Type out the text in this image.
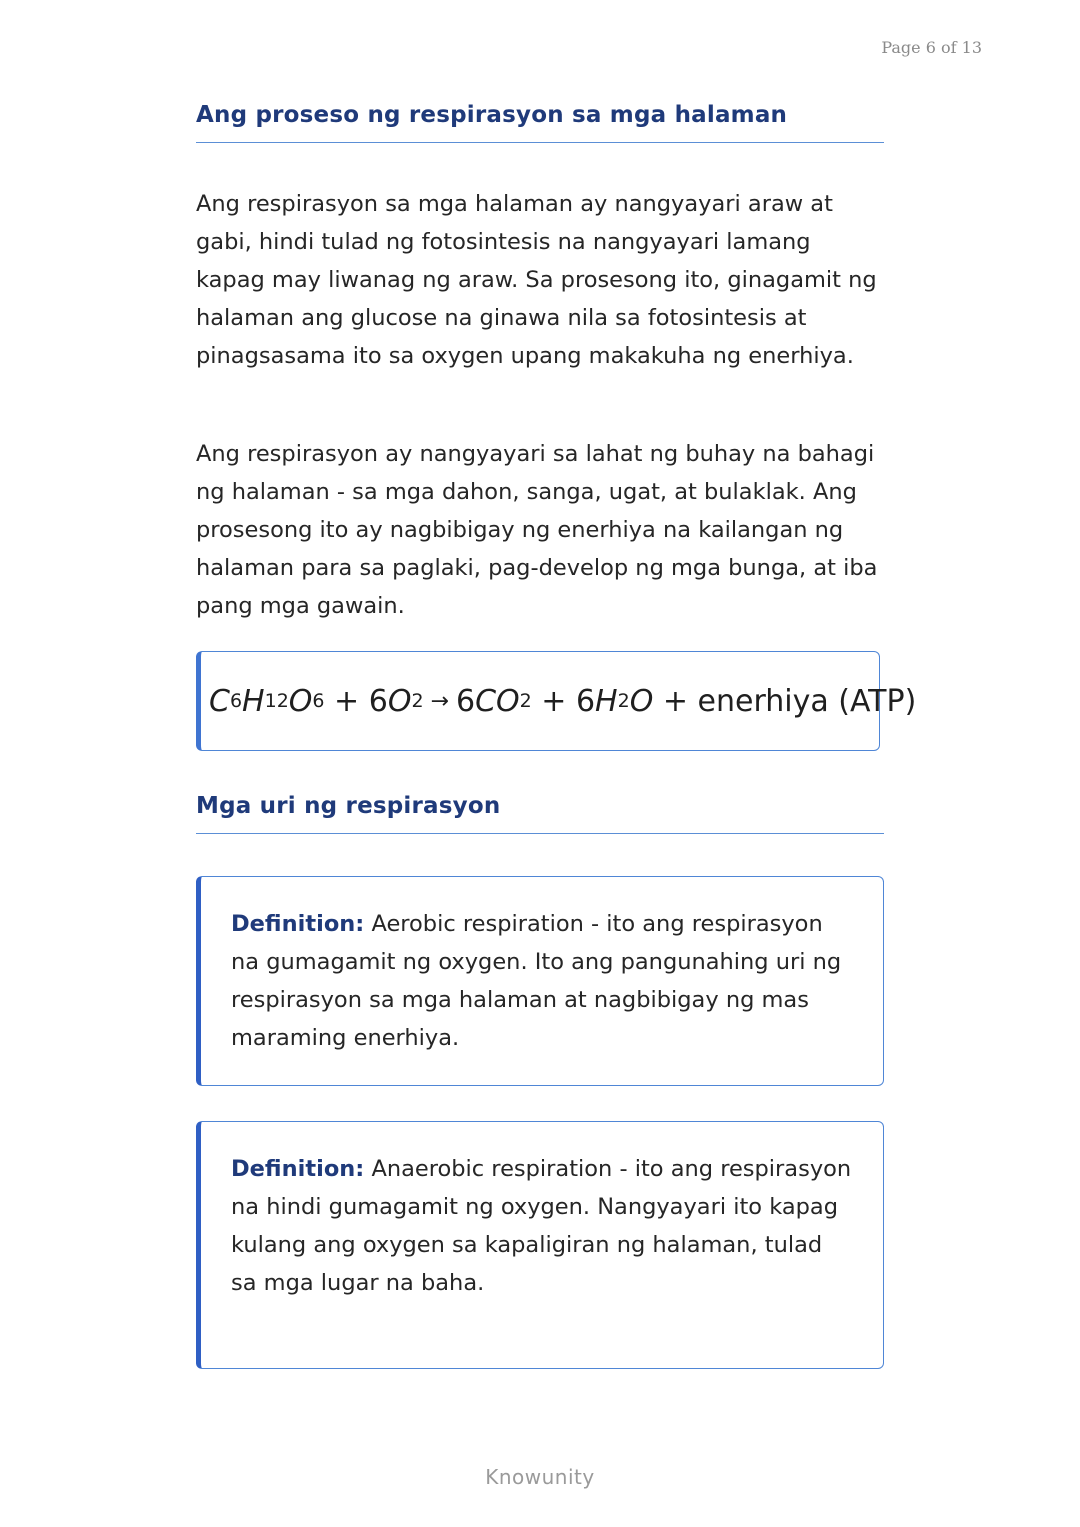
Page 6 of 13
Ang proseso ng respirasyon sa mga halaman

Ang respirasyon sa mga halaman ay nangyayari araw at gabi, hindi tulad ng fotosintesis na nangyayari lamang kapag may liwanag ng araw. Sa prosesong ito, ginagamit ng halaman ang glucose na ginawa nila sa fotosintesis at pinagsasama ito sa oxygen upang makakuha ng enerhiya.

Ang respirasyon ay nangyayari sa lahat ng buhay na bahagi ng halaman - sa mga dahon, sanga, ugat, at bulaklak. Ang prosesong ito ay nagbibigay ng enerhiya na kailangan ng halaman para sa paglaki, pag-develop ng mga bunga, at iba pang mga gawain.

C 6 H 12 O 6 + 6 O 2 → 6 CO 2 + 6 H 2 O + enerhiya (ATP)
Mga uri ng respirasyon

Definition: Aerobic respiration - ito ang respirasyon na gumagamit ng oxygen. Ito ang pangunahing uri ng respirasyon sa mga halaman at nagbibigay ng mas maraming enerhiya.

Definition: Anaerobic respiration - ito ang respirasyon na hindi gumagamit ng oxygen. Nangyayari ito kapag kulang ang oxygen sa kapaligiran ng halaman, tulad sa mga lugar na baha.

Knowunity
